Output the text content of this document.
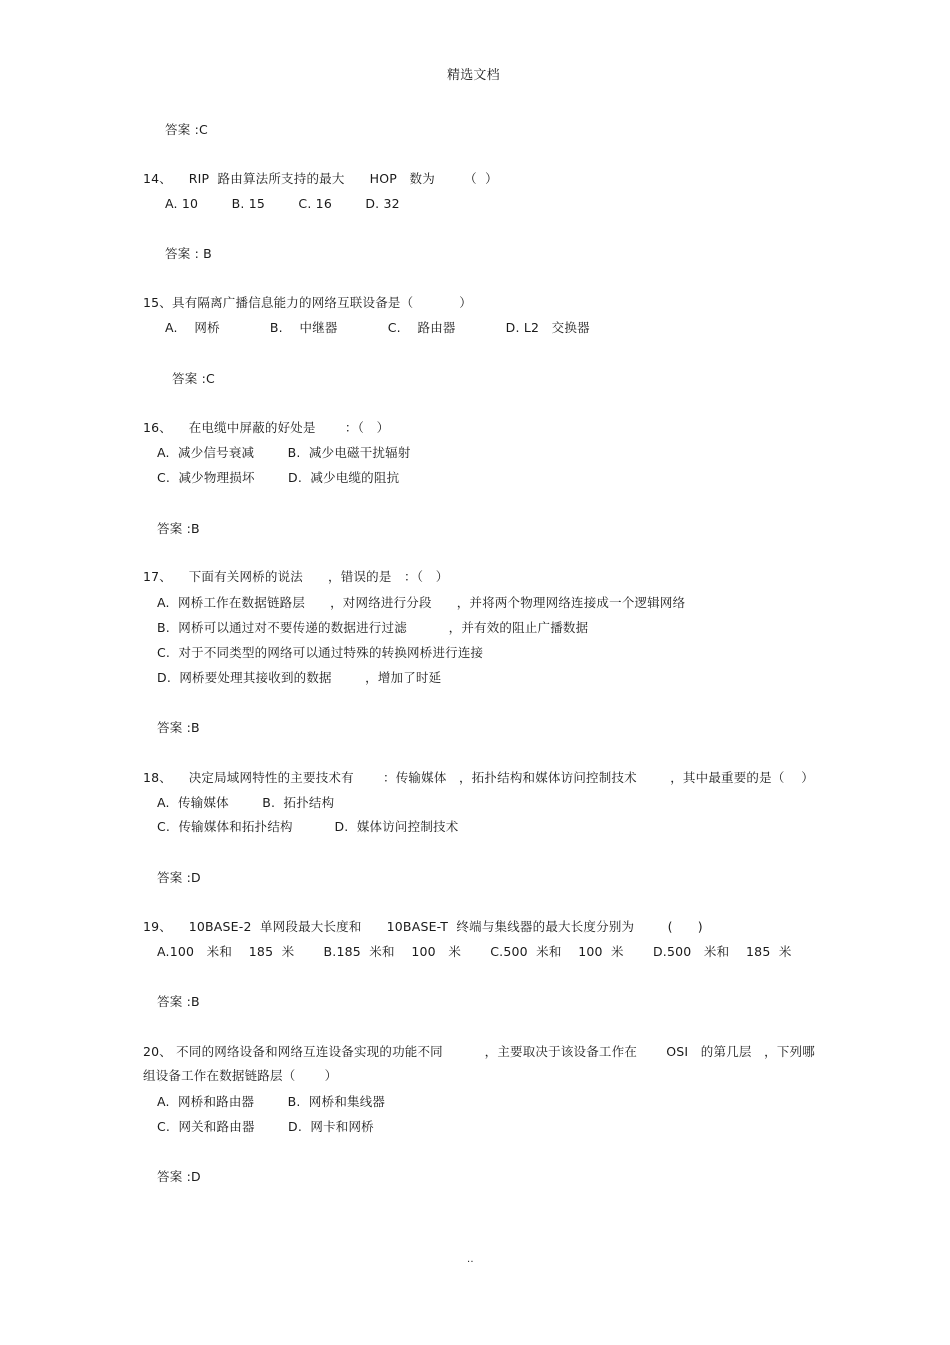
精选文档
答案 :C
14、    RIP  路由算法所支持的最大      HOP   数为       （  ）
A. 10        B. 15        C. 16        D. 32
答案 : B
15、具有隔离广播信息能力的网络互联设备是（           ）
A.    网桥            B.    中继器            C.    路由器            D. L2   交换器
答案 :C
16、    在电缆中屏蔽的好处是       ：（   ）
A.  减少信号衰减        B.  减少电磁干扰辐射
C.  减少物理损坏        D.  减少电缆的阻抗
答案 :B
17、    下面有关网桥的说法      ，错误的是   ：（   ）
A.  网桥工作在数据链路层      ，对网络进行分段      ，并将两个物理网络连接成一个逻辑网络
B.  网桥可以通过对不要传递的数据进行过滤          ，并有效的阻止广播数据
C.  对于不同类型的网络可以通过特殊的转换网桥进行连接
D.  网桥要处理其接收到的数据        ，增加了时延
答案 :B
18、    决定局域网特性的主要技术有       ：传输媒体   ，拓扑结构和媒体访问控制技术        ，其中最重要的是（    ）
A.  传输媒体        B.  拓扑结构
C.  传输媒体和拓扑结构          D.  媒体访问控制技术
答案 :D
19、    10BASE-2  单网段最大长度和      10BASE-T  终端与集线器的最大长度分别为        (      )
A.100   米和    185  米       B.185  米和    100   米       C.500  米和    100  米       D.500   米和    185  米
答案 :B
20、 不同的网络设备和网络互连设备实现的功能不同          ，主要取决于该设备工作在       OSI   的第几层   ，下列哪
组设备工作在数据链路层（       ）
A.  网桥和路由器        B.  网桥和集线器
C.  网关和路由器        D.  网卡和网桥
答案 :D
..
